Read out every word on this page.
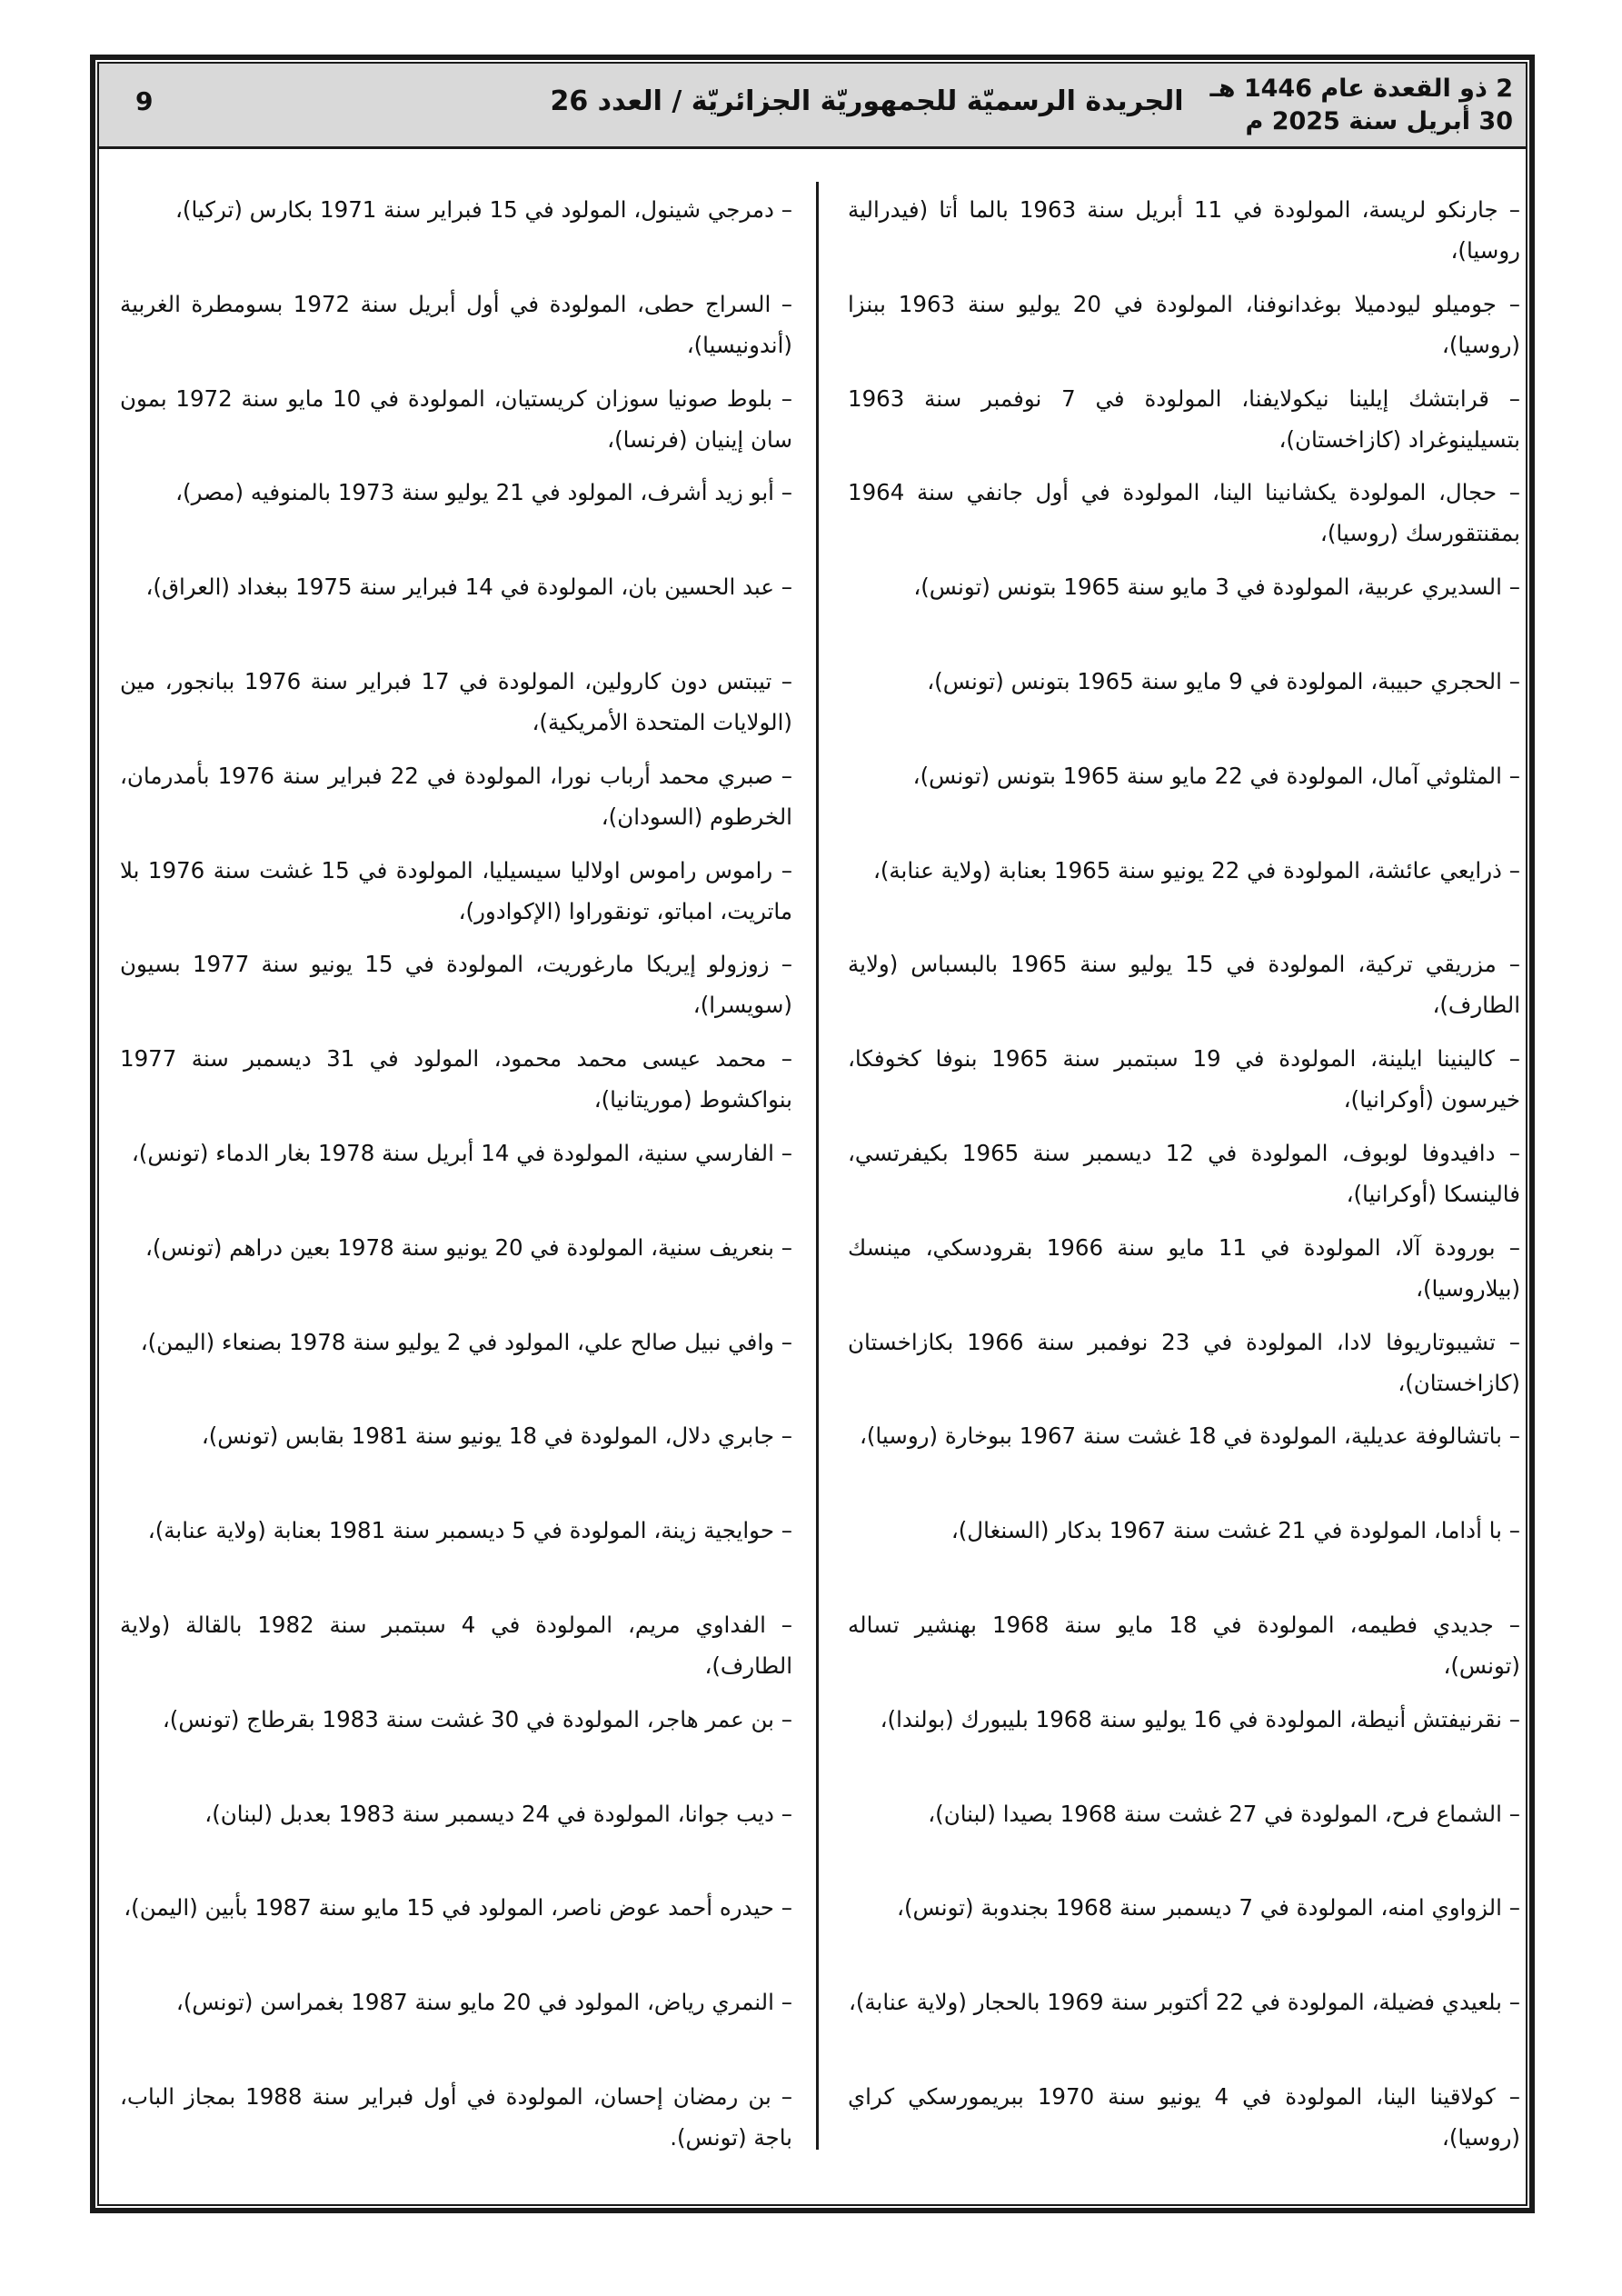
2 ذو القعدة عام 1446 هـ
30 أبريل سنة 2025 م
الجريدة الرسميّة للجمهوريّة الجزائريّة / العدد 26
9

– جارنكو لريسة، المولودة في 11 أبريل سنة 1963 بالما أتا (فيدرالية روسيا)،

– جوميلو ليودميلا بوغدانوفنا، المولودة في 20 يوليو سنة 1963 ببنزا (روسيا)،

– قرابتشك إيلينا نيكولايفنا، المولودة في 7 نوفمبر سنة 1963 بتسيلينوغراد (كازاخستان)،

– حجال، المولودة يكشانينا الينا، المولودة في أول جانفي سنة 1964 بمقنتقورسك (روسيا)،

– السديري عربية، المولودة في 3 مايو سنة 1965 بتونس (تونس)،

– الحجري حبيبة، المولودة في 9 مايو سنة 1965 بتونس (تونس)،

– المثلوثي آمال، المولودة في 22 مايو سنة 1965 بتونس (تونس)،

– ذرايعي عائشة، المولودة في 22 يونيو سنة 1965 بعنابة (ولاية عنابة)،

– مزريقي تركية، المولودة في 15 يوليو سنة 1965 بالبسباس (ولاية الطارف)،

– كالينينا ايلينة، المولودة في 19 سبتمبر سنة 1965 بنوفا كخوفكا، خيرسون (أوكرانيا)،

– دافيدوفا لوبوف، المولودة في 12 ديسمبر سنة 1965 بكيفرتسي، فالينسكا (أوكرانيا)،

– بورودة آلا، المولودة في 11 مايو سنة 1966 بقرودسكي، مينسك (بيلاروسيا)،

– تشيبوتاريوفا لادا، المولودة في 23 نوفمبر سنة 1966 بكازاخستان (كازاخستان)،

– باتشالوفة عديلية، المولودة في 18 غشت سنة 1967 ببوخارة (روسيا)،

– با أداما، المولودة في 21 غشت سنة 1967 بدكار (السنغال)،

– جديدي فطيمه، المولودة في 18 مايو سنة 1968 بهنشير تساله (تونس)،

– نقرنيفتش أنيطة، المولودة في 16 يوليو سنة 1968 بليبورك (بولندا)،

– الشماع فرح، المولودة في 27 غشت سنة 1968 بصيدا (لبنان)،

– الزواوي امنه، المولودة في 7 ديسمبر سنة 1968 بجندوبة (تونس)،

– بلعيدي فضيلة، المولودة في 22 أكتوبر سنة 1969 بالحجار (ولاية عنابة)،

– كولاقينا الينا، المولودة في 4 يونيو سنة 1970 ببريمورسكي كراي (روسيا)،

– دمرجي شينول، المولود في 15 فبراير سنة 1971 بكارس (تركيا)،

– السراج حطى، المولودة في أول أبريل سنة 1972 بسومطرة الغربية (أندونيسيا)،

– بلوط صونيا سوزان كريستيان، المولودة في 10 مايو سنة 1972 بمون سان إينيان (فرنسا)،

– أبو زيد أشرف، المولود في 21 يوليو سنة 1973 بالمنوفيه (مصر)،

– عبد الحسين بان، المولودة في 14 فبراير سنة 1975 ببغداد (العراق)،

– تيبتس دون كارولين، المولودة في 17 فبراير سنة 1976 ببانجور، مين (الولايات المتحدة الأمريكية)،

– صبري محمد أرباب نورا، المولودة في 22 فبراير سنة 1976 بأمدرمان، الخرطوم (السودان)،

– راموس راموس اولاليا سيسيليا، المولودة في 15 غشت سنة 1976 بلا ماتريت، امباتو، تونقوراوا (الإكوادور)،

– زوزولو إيريكا مارغوريت، المولودة في 15 يونيو سنة 1977 بسيون (سويسرا)،

– محمد عيسى محمد محمود، المولود في 31 ديسمبر سنة 1977 بنواكشوط (موريتانيا)،

– الفارسي سنية، المولودة في 14 أبريل سنة 1978 بغار الدماء (تونس)،

– بنعريف سنية، المولودة في 20 يونيو سنة 1978 بعين دراهم (تونس)،

– وافي نبيل صالح علي، المولود في 2 يوليو سنة 1978 بصنعاء (اليمن)،

– جابري دلال، المولودة في 18 يونيو سنة 1981 بقابس (تونس)،

– حوايجية زينة، المولودة في 5 ديسمبر سنة 1981 بعنابة (ولاية عنابة)،

– الفداوي مريم، المولودة في 4 سبتمبر سنة 1982 بالقالة (ولاية الطارف)،

– بن عمر هاجر، المولودة في 30 غشت سنة 1983 بقرطاج (تونس)،

– ديب جوانا، المولودة في 24 ديسمبر سنة 1983 بعدبل (لبنان)،

– حيدره أحمد عوض ناصر، المولود في 15 مايو سنة 1987 بأبين (اليمن)،

– النمري رياض، المولود في 20 مايو سنة 1987 بغمراسن (تونس)،

– بن رمضان إحسان، المولودة في أول فبراير سنة 1988 بمجاز الباب، باجة (تونس).
